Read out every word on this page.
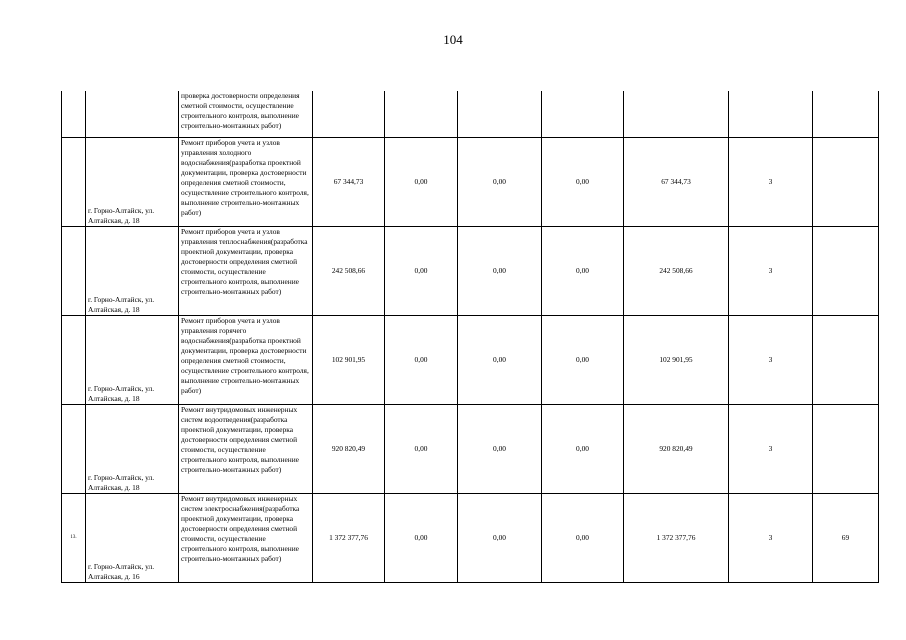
104
		проверка достоверности определения сметной стоимости, осуществление строительного контроля, выполнение строительно-монтажных работ)							
	г. Горно-Алтайск, ул. Алтайская, д. 18	Ремонт приборов учета и узлов управления холодного водоснабжения(разработка проектной документации, проверка достоверности определения сметной стоимости, осуществление строительного контроля, выполнение строительно-монтажных работ)	67 344,73	0,00	0,00	0,00	67 344,73	3	
	г. Горно-Алтайск, ул. Алтайская, д. 18	Ремонт приборов учета и узлов управления теплоснабжения(разработка проектной документации, проверка достоверности определения сметной стоимости, осуществление строительного контроля, выполнение строительно-монтажных работ)	242 508,66	0,00	0,00	0,00	242 508,66	3	
	г. Горно-Алтайск, ул. Алтайская, д. 18	Ремонт приборов учета и узлов управления горячего водоснабжения(разработка проектной документации, проверка достоверности определения сметной стоимости, осуществление строительного контроля, выполнение строительно-монтажных работ)	102 901,95	0,00	0,00	0,00	102 901,95	3	
	г. Горно-Алтайск, ул. Алтайская, д. 18	Ремонт внутридомовых инженерных систем водоотведения(разработка проектной документации, проверка достоверности определения сметной стоимости, осуществление строительного контроля, выполнение строительно-монтажных работ)	920 820,49	0,00	0,00	0,00	920 820,49	3	
13.	г. Горно-Алтайск, ул. Алтайская, д. 16	Ремонт внутридомовых инженерных систем электроснабжения(разработка проектной документации, проверка достоверности определения сметной стоимости, осуществление строительного контроля, выполнение строительно-монтажных работ)	1 372 377,76	0,00	0,00	0,00	1 372 377,76	3	69
